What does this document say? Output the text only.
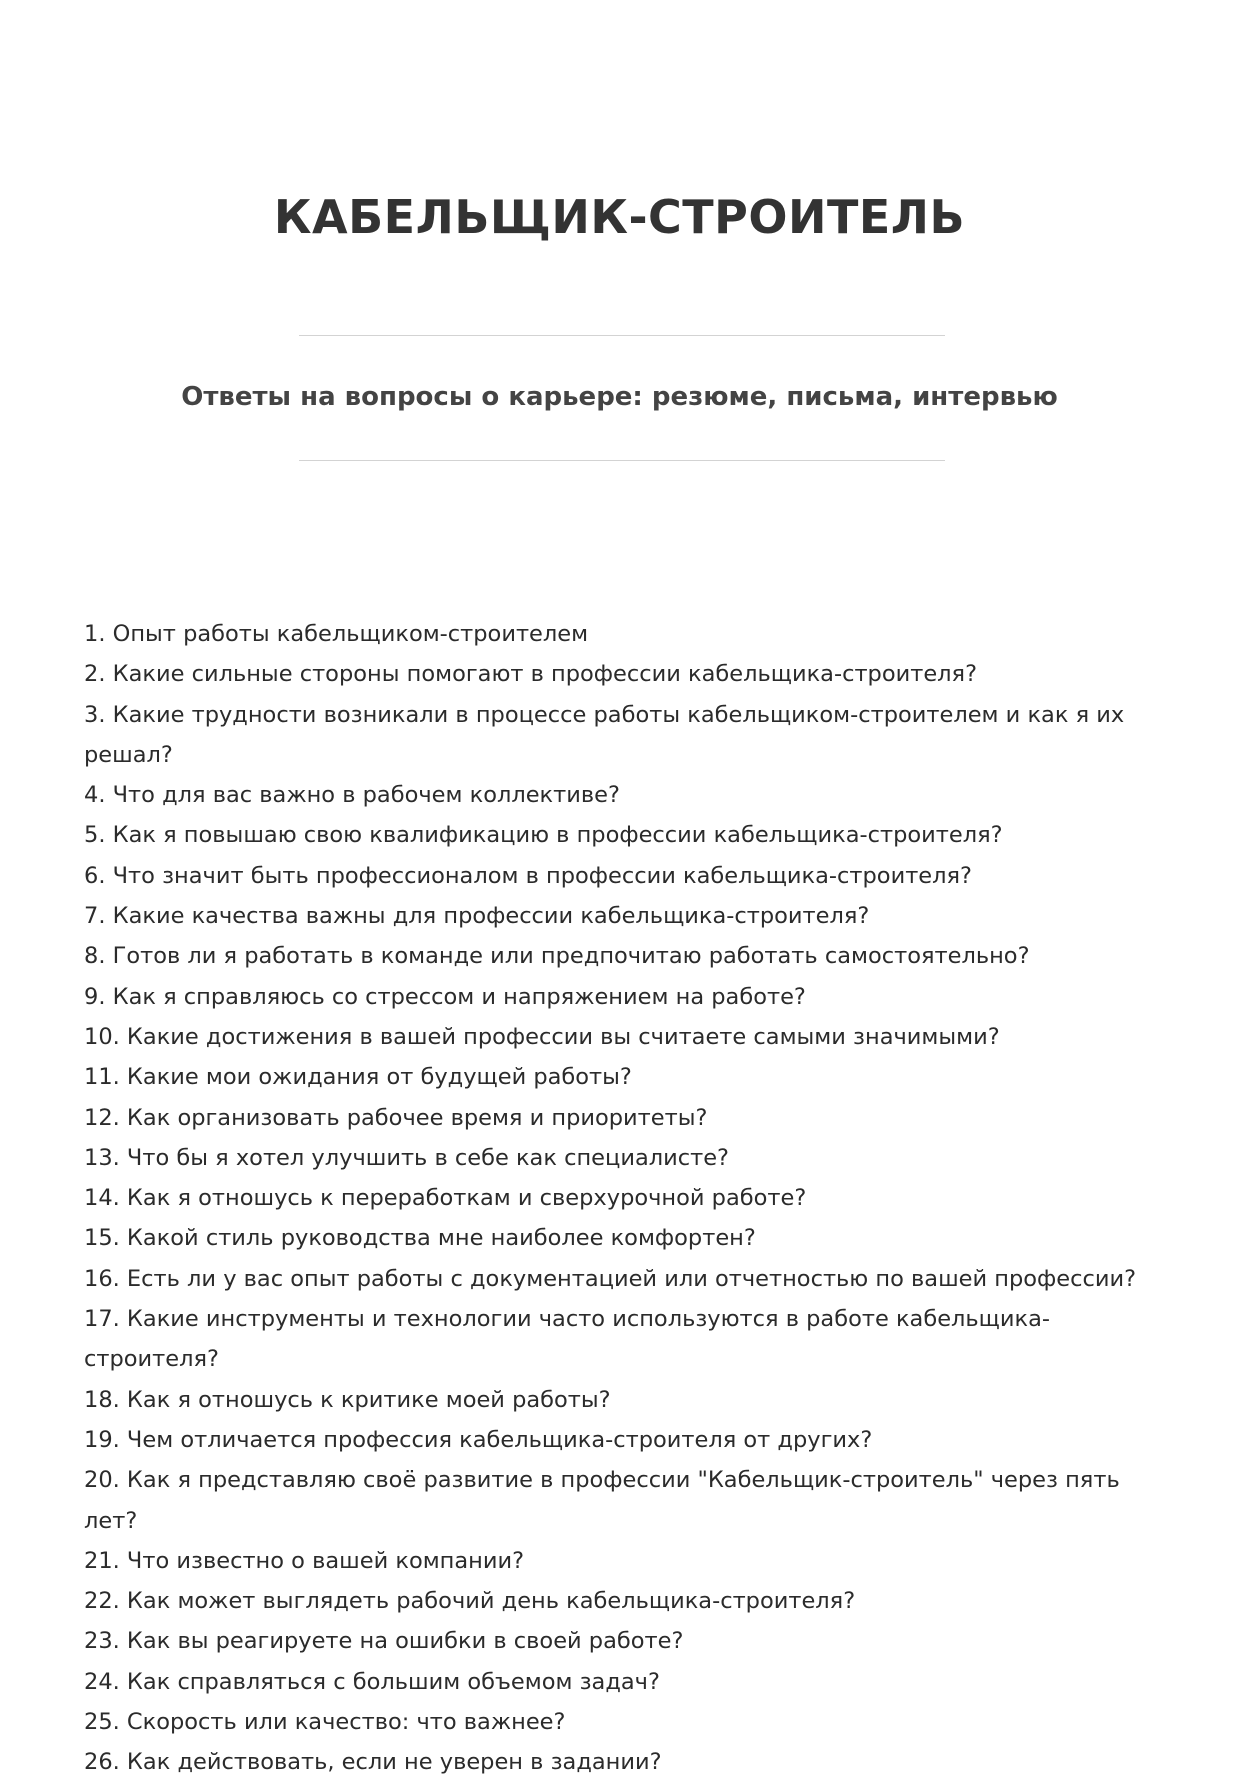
КАБЕЛЬЩИК-СТРОИТЕЛЬ
Ответы на вопросы о карьере: резюме, письма, интервью
1. Опыт работы кабельщиком-строителем
2. Какие сильные стороны помогают в профессии кабельщика-строителя?
3. Какие трудности возникали в процессе работы кабельщиком-строителем и как я их решал?
4. Что для вас важно в рабочем коллективе?
5. Как я повышаю свою квалификацию в профессии кабельщика-строителя?
6. Что значит быть профессионалом в профессии кабельщика-строителя?
7. Какие качества важны для профессии кабельщика-строителя?
8. Готов ли я работать в команде или предпочитаю работать самостоятельно?
9. Как я справляюсь со стрессом и напряжением на работе?
10. Какие достижения в вашей профессии вы считаете самыми значимыми?
11. Какие мои ожидания от будущей работы?
12. Как организовать рабочее время и приоритеты?
13. Что бы я хотел улучшить в себе как специалисте?
14. Как я отношусь к переработкам и сверхурочной работе?
15. Какой стиль руководства мне наиболее комфортен?
16. Есть ли у вас опыт работы с документацией или отчетностью по вашей профессии?
17. Какие инструменты и технологии часто используются в работе кабельщика-строителя?
18. Как я отношусь к критике моей работы?
19. Чем отличается профессия кабельщика-строителя от других?
20. Как я представляю своё развитие в профессии "Кабельщик-строитель" через пять лет?
21. Что известно о вашей компании?
22. Как может выглядеть рабочий день кабельщика-строителя?
23. Как вы реагируете на ошибки в своей работе?
24. Как справляться с большим объемом задач?
25. Скорость или качество: что важнее?
26. Как действовать, если не уверен в задании?
